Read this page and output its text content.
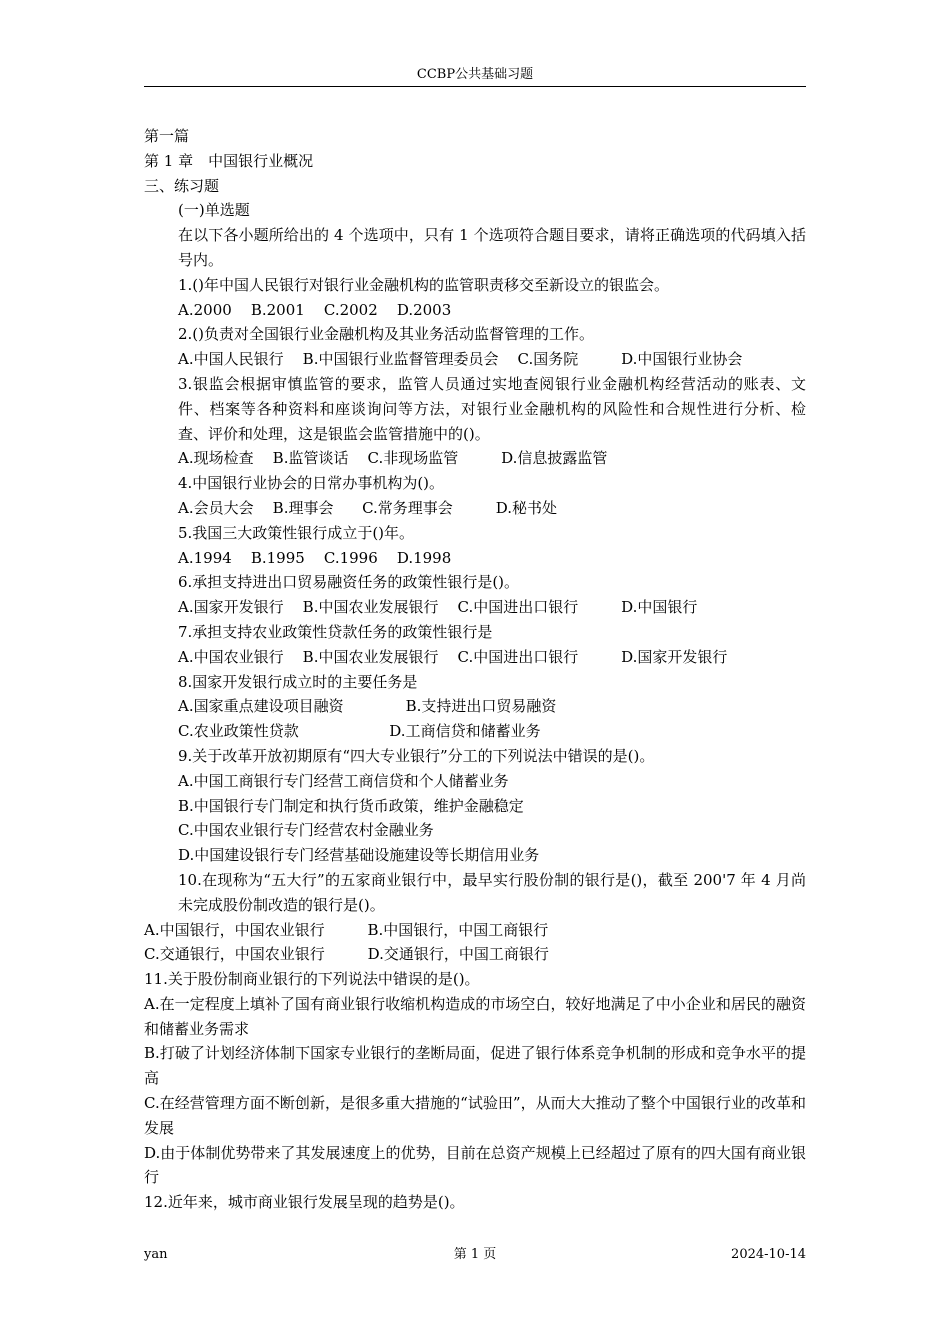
CCBP公共基础习题

第一篇

第 1 章　中国银行业概况

三、练习题

(一)单选题

在以下各小题所给出的 4 个选项中，只有 1 个选项符合题目要求，请将正确选项的代码填入括号内。

1.()年中国人民银行对银行业金融机构的监管职责移交至新设立的银监会。

A.2000    B.2001    C.2002    D.2003

2.()负责对全国银行业金融机构及其业务活动监督管理的工作。

A.中国人民银行    B.中国银行业监督管理委员会    C.国务院         D.中国银行业协会

3.银监会根据审慎监管的要求，监管人员通过实地查阅银行业金融机构经营活动的账表、文件、档案等各种资料和座谈询问等方法，对银行业金融机构的风险性和合规性进行分析、检查、评价和处理，这是银监会监管措施中的()。

A.现场检查    B.监管谈话    C.非现场监管         D.信息披露监管

4.中国银行业协会的日常办事机构为()。

A.会员大会    B.理事会      C.常务理事会         D.秘书处

5.我国三大政策性银行成立于()年。

A.1994    B.1995    C.1996    D.1998

6.承担支持进出口贸易融资任务的政策性银行是()。

A.国家开发银行    B.中国农业发展银行    C.中国进出口银行         D.中国银行

7.承担支持农业政策性贷款任务的政策性银行是

A.中国农业银行    B.中国农业发展银行    C.中国进出口银行         D.国家开发银行

8.国家开发银行成立时的主要任务是

A.国家重点建设项目融资             B.支持进出口贸易融资

C.农业政策性贷款                   D.工商信贷和储蓄业务

9.关于改革开放初期原有“四大专业银行”分工的下列说法中错误的是()。

A.中国工商银行专门经营工商信贷和个人储蓄业务

B.中国银行专门制定和执行货币政策，维护金融稳定

C.中国农业银行专门经营农村金融业务

D.中国建设银行专门经营基础设施建设等长期信用业务

10.在现称为“五大行”的五家商业银行中，最早实行股份制的银行是()，截至 200'7 年 4 月尚未完成股份制改造的银行是()。

A.中国银行，中国农业银行         B.中国银行，中国工商银行

C.交通银行，中国农业银行         D.交通银行，中国工商银行

11.关于股份制商业银行的下列说法中错误的是()。

A.在一定程度上填补了国有商业银行收缩机构造成的市场空白，较好地满足了中小企业和居民的融资和储蓄业务需求

B.打破了计划经济体制下国家专业银行的垄断局面，促进了银行体系竞争机制的形成和竞争水平的提高

C.在经营管理方面不断创新，是很多重大措施的“试验田”，从而大大推动了整个中国银行业的改革和发展

D.由于体制优势带来了其发展速度上的优势，目前在总资产规模上已经超过了原有的四大国有商业银行

12.近年来，城市商业银行发展呈现的趋势是()。

yan	第 1 页	2024-10-14
